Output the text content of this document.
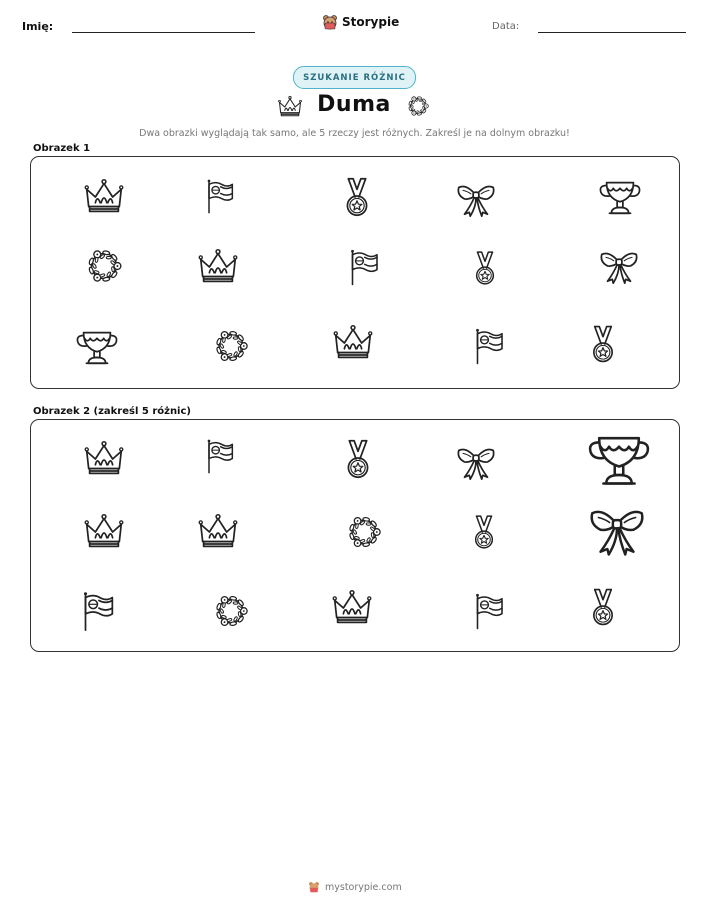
Imię:	Storypie	Data:
SZUKANIE RÓŻNIC
Duma
Dwa obrazki wyglądają tak samo, ale 5 rzeczy jest różnych. Zakreśl je na dolnym obrazku!
Obrazek 1
Obrazek 2 (zakreśl 5 różnic)
mystorypie.com
